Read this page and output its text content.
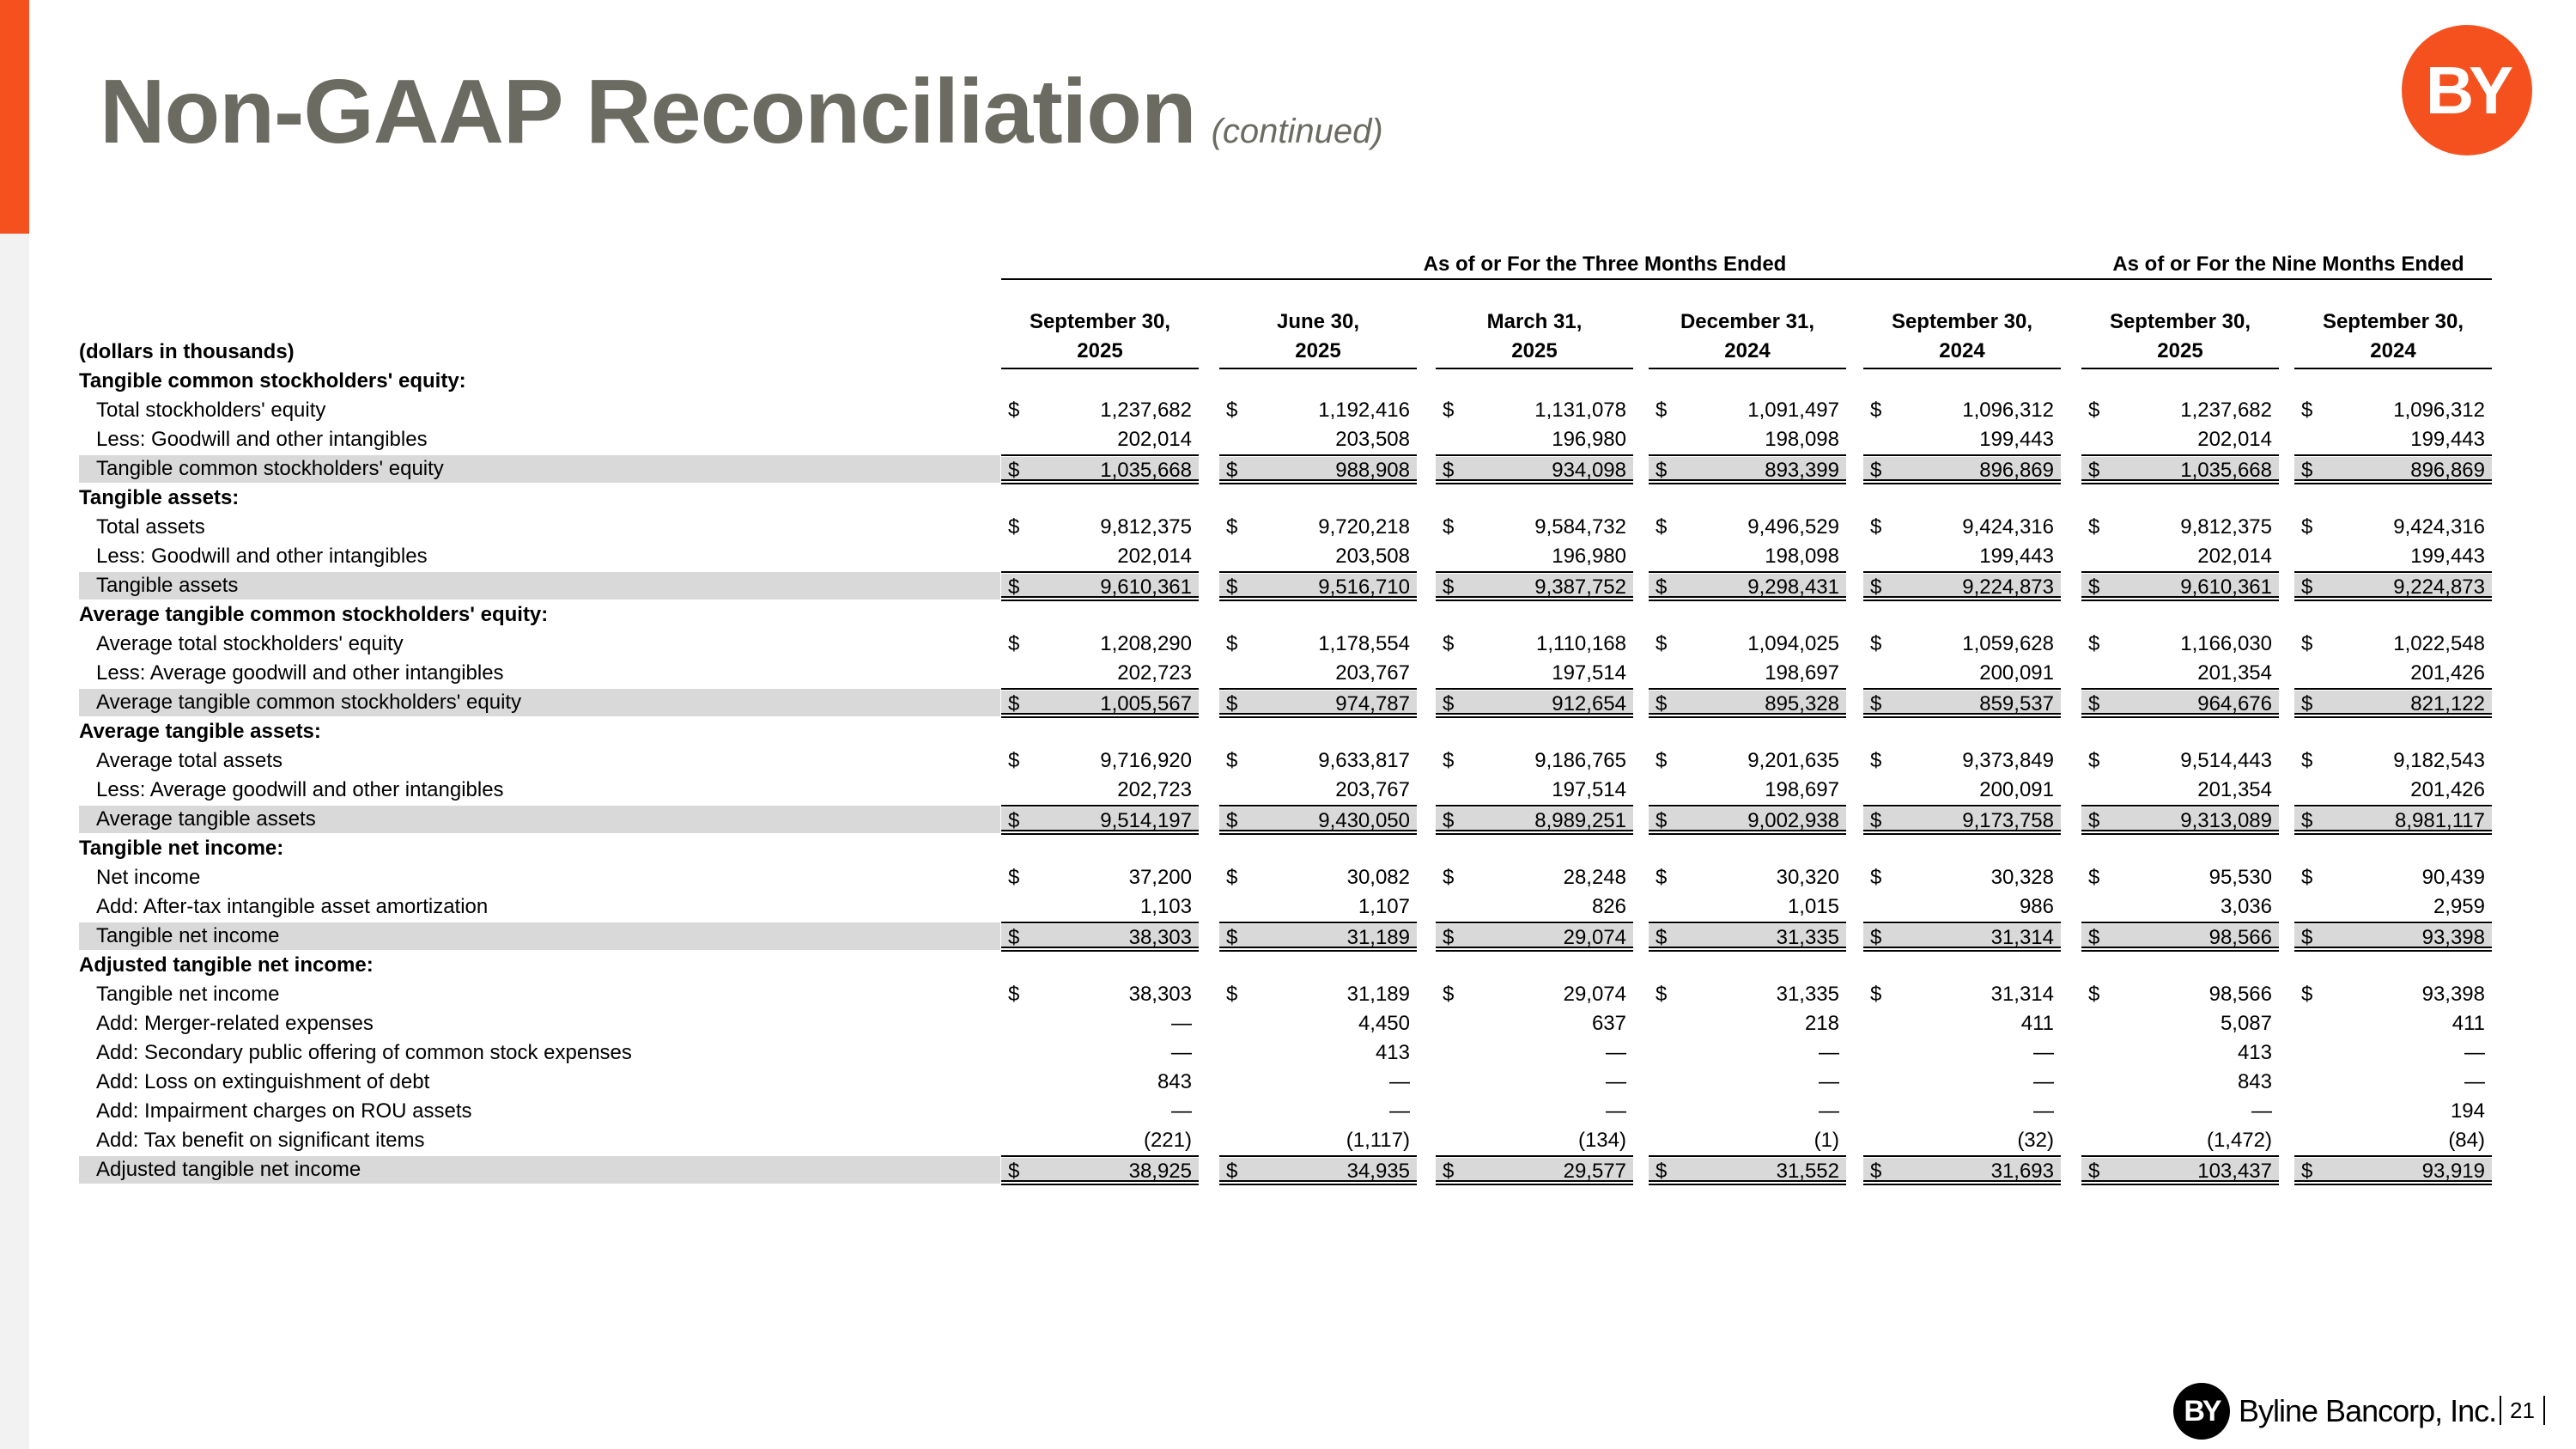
Non-GAAP Reconciliation (continued)
BY
As of or For the Three Months Ended	As of or For the Nine Months Ended
September 30,
2025
June 30,
2025
March 31,
2025
December 31,
2024
September 30,
2024
September 30,
2025
September 30,
2024
(dollars in thousands)
Tangible common stockholders' equity:
Total stockholders' equity	$	1,237,682 $	1,192,416 $	1,131,078 $	1,091,497 $	1,096,312 $	1,237,682 $	1,096,312
Less: Goodwill and other intangibles	202,014	203,508	196,980	198,098	199,443	202,014	199,443
Tangible common stockholders' equity	$	1,035,668 $	988,908 $	934,098 $	893,399 $	896,869 $	1,035,668 $	896,869
Tangible assets:
Total assets	$	9,812,375 $	9,720,218 $	9,584,732 $	9,496,529 $	9,424,316 $	9,812,375 $	9,424,316
Less: Goodwill and other intangibles	202,014	203,508	196,980	198,098	199,443	202,014	199,443
Tangible assets	$	9,610,361 $	9,516,710 $	9,387,752 $	9,298,431 $	9,224,873 $	9,610,361 $	9,224,873
Average tangible common stockholders' equity:
Average total stockholders' equity	$	1,208,290 $	1,178,554 $	1,110,168 $	1,094,025 $	1,059,628 $	1,166,030 $	1,022,548
Less: Average goodwill and other intangibles	202,723	203,767	197,514	198,697	200,091	201,354	201,426
Average tangible common stockholders' equity	$	1,005,567 $	974,787 $	912,654 $	895,328 $	859,537 $	964,676 $	821,122
Average tangible assets:
Average total assets	$	9,716,920 $	9,633,817 $	9,186,765 $	9,201,635 $	9,373,849 $	9,514,443 $	9,182,543
Less: Average goodwill and other intangibles	202,723	203,767	197,514	198,697	200,091	201,354	201,426
Average tangible assets	$	9,514,197 $	9,430,050 $	8,989,251 $	9,002,938 $	9,173,758 $	9,313,089 $	8,981,117
Tangible net income:
Net income	$	37,200 $	30,082 $	28,248 $	30,320 $	30,328 $	95,530 $	90,439
Add: After-tax intangible asset amortization	1,103	1,107	826	1,015	986	3,036	2,959
Tangible net income	$	38,303 $	31,189 $	29,074 $	31,335 $	31,314 $	98,566 $	93,398
Adjusted tangible net income:
Tangible net income	$	38,303 $	31,189 $	29,074 $	31,335 $	31,314 $	98,566 $	93,398
Add: Merger-related expenses	—	4,450	637	218	411	5,087	411
Add: Secondary public offering of common stock expenses	—	413	—	—	—	413	—
Add: Loss on extinguishment of debt	843	—	—	—	—	843	—
Add: Impairment charges on ROU assets	—	—	—	—	—	—	194
Add: Tax benefit on significant items	(221)	(1,117)	(134)	(1)	(32)	(1,472)	(84)
Adjusted tangible net income	$	38,925 $	34,935 $	29,577 $	31,552 $	31,693 $	103,437 $	93,919
BY Byline Bancorp, Inc. 21
